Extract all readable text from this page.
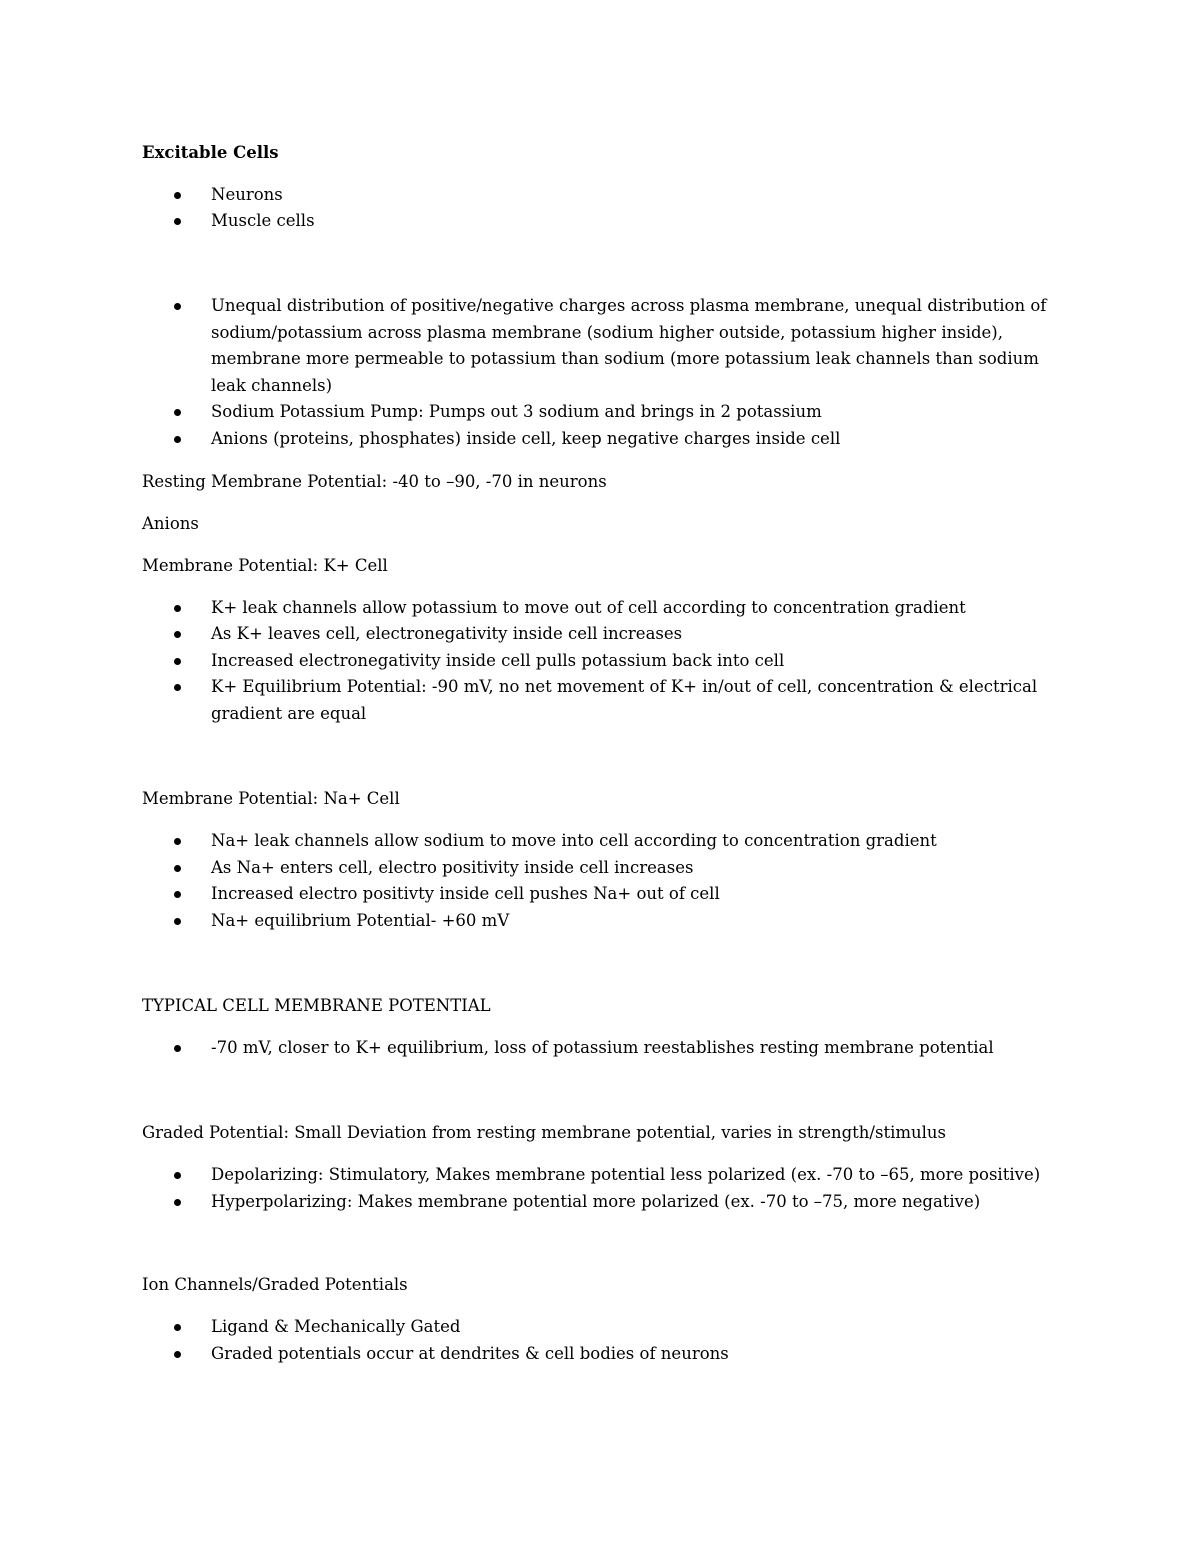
Excitable Cells

Neurons

Muscle cells

Unequal distribution of positive/negative charges across plasma membrane, unequal distribution of sodium/potassium across plasma membrane (sodium higher outside, potassium higher inside), membrane more permeable to potassium than sodium (more potassium leak channels than sodium leak channels)

Sodium Potassium Pump: Pumps out 3 sodium and brings in 2 potassium

Anions (proteins, phosphates) inside cell, keep negative charges inside cell

Resting Membrane Potential: -40 to –90, -70 in neurons

Anions

Membrane Potential: K+ Cell

K+ leak channels allow potassium to move out of cell according to concentration gradient

As K+ leaves cell, electronegativity inside cell increases

Increased electronegativity inside cell pulls potassium back into cell

K+ Equilibrium Potential: -90 mV, no net movement of K+ in/out of cell, concentration & electrical gradient are equal

Membrane Potential: Na+ Cell

Na+ leak channels allow sodium to move into cell according to concentration gradient

As Na+ enters cell, electro positivity inside cell increases

Increased electro positivty inside cell pushes Na+ out of cell

Na+ equilibrium Potential- +60 mV

TYPICAL CELL MEMBRANE POTENTIAL

-70 mV, closer to K+ equilibrium, loss of potassium reestablishes resting membrane potential

Graded Potential: Small Deviation from resting membrane potential, varies in strength/stimulus

Depolarizing: Stimulatory, Makes membrane potential less polarized (ex. -70 to –65, more positive)

Hyperpolarizing: Makes membrane potential more polarized (ex. -70 to –75, more negative)

Ion Channels/Graded Potentials

Ligand & Mechanically Gated

Graded potentials occur at dendrites & cell bodies of neurons
